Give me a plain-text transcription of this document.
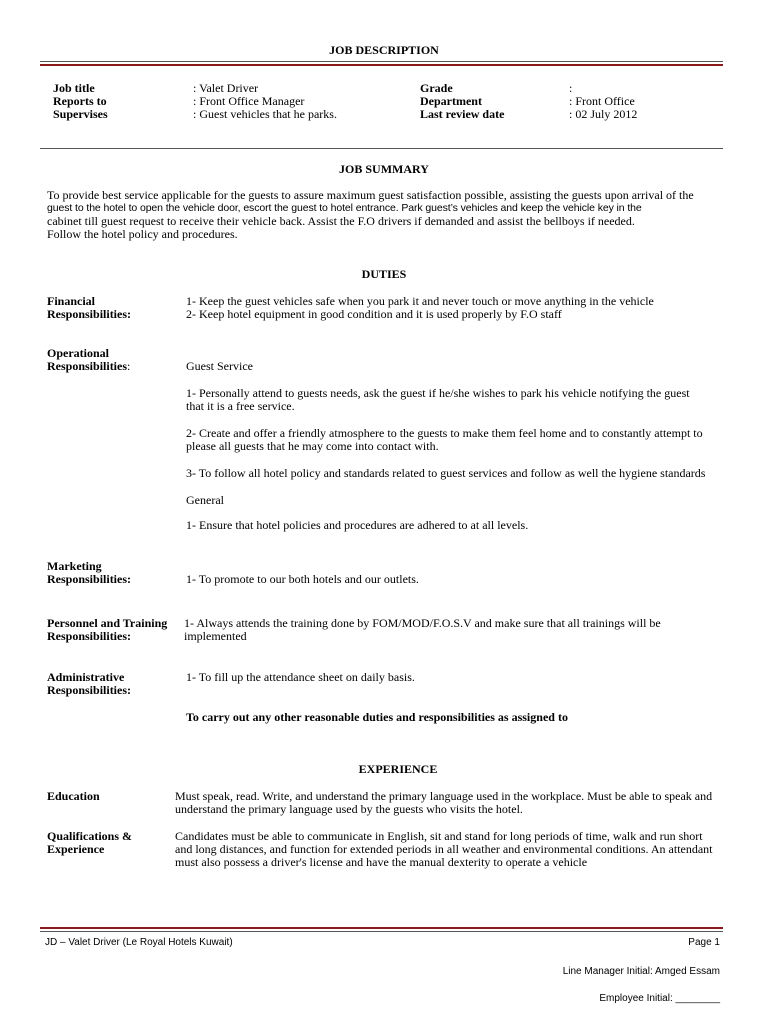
JOB DESCRIPTION
Job title	: Valet Driver
Reports to	: Front Office Manager
Supervises	: Guest vehicles that he parks.
Grade	:
Department	: Front Office
Last review date	: 02 July 2012
JOB SUMMARY
To provide best service applicable for the guests to assure maximum guest satisfaction possible, assisting the guests upon arrival of the
guest to the hotel to open the vehicle door, escort the guest to hotel entrance. Park guest’s vehicles and keep the vehicle key in the
cabinet till guest request to receive their vehicle back. Assist the F.O drivers if demanded and assist the bellboys if needed.
Follow the hotel policy and procedures.
DUTIES
Financial
Responsibilities:
1- Keep the guest vehicles safe when you park it and never touch or move anything in the vehicle
2- Keep hotel equipment in good condition and it is used properly by F.O staff
Operational
Responsibilities:	Guest Service
1- Personally attend to guests needs, ask the guest if he/she wishes to park his vehicle notifying the guest
that it is a free service.
2- Create and offer a friendly atmosphere to the guests to make them feel home and to constantly attempt to
please all guests that he may come into contact with.
3- To follow all hotel policy and standards related to guest services and follow as well the hygiene standards
General
1- Ensure that hotel policies and procedures are adhered to at all levels.
Marketing
Responsibilities:	1- To promote to our both hotels and our outlets.
Personnel and Training
Responsibilities:
1- Always attends the training done by FOM/MOD/F.O.S.V and make sure that all trainings will be
implemented
Administrative
Responsibilities:
1- To fill up the attendance sheet on daily basis.
To carry out any other reasonable duties and responsibilities as assigned to
EXPERIENCE
Education	Must speak, read. Write, and understand the primary language used in the workplace. Must be able to speak and
understand the primary language used by the guests who visits the hotel.
Qualifications &
Experience
Candidates must be able to communicate in English, sit and stand for long periods of time, walk and run short
and long distances, and function for extended periods in all weather and environmental conditions. An attendant
must also possess a driver's license and have the manual dexterity to operate a vehicle
JD – Valet Driver (Le Royal Hotels Kuwait)	Page 1
Line Manager Initial: Amged Essam
Employee Initial: ________
